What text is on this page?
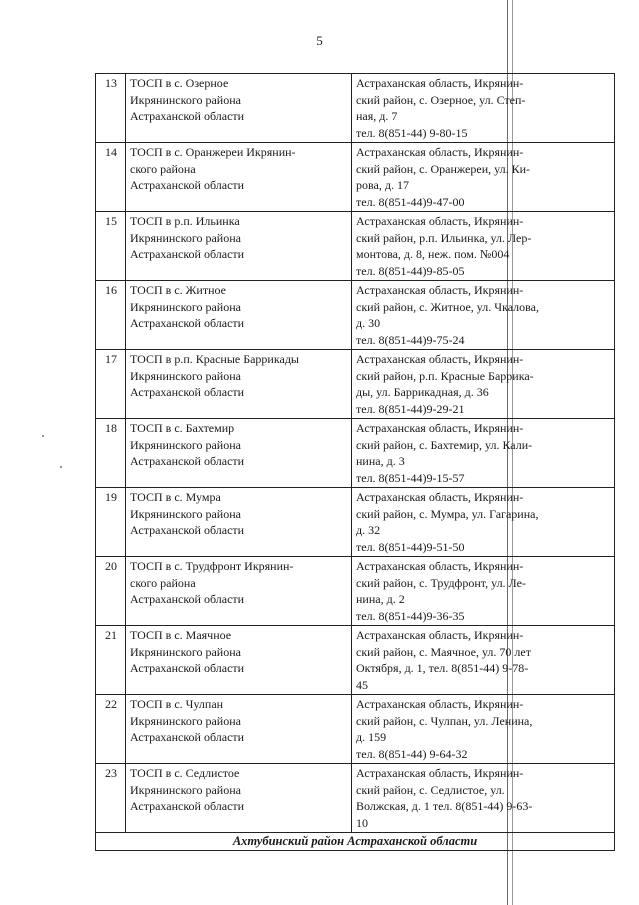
5
13	ТОСП в с. Озерное
Икрянинского района
Астраханской области	Астраханская область, Икрянин-
ский район, с. Озерное, ул. Степ-
ная, д. 7
тел. 8(851-44) 9-80-15

14	ТОСП в с. Оранжереи Икрянин-
ского района
Астраханской области	Астраханская область, Икрянин-
ский район, с. Оранжереи, ул. Ки-
рова, д. 17
тел. 8(851-44)9-47-00

15	ТОСП в р.п. Ильинка
Икрянинского района
Астраханской области	Астраханская область, Икрянин-
ский район, р.п. Ильинка, ул. Лер-
монтова, д. 8, неж. пом. №004
тел. 8(851-44)9-85-05

16	ТОСП в с. Житное
Икрянинского района
Астраханской области	Астраханская область, Икрянин-
ский район, с. Житное, ул. Чкалова,
д. 30
тел. 8(851-44)9-75-24

17	ТОСП в р.п. Красные Баррикады
Икрянинского района
Астраханской области	Астраханская область, Икрянин-
ский район, р.п. Красные Баррика-
ды, ул. Баррикадная, д. 36
тел. 8(851-44)9-29-21

18	ТОСП в с. Бахтемир
Икрянинского района
Астраханской области	Астраханская область, Икрянин-
ский район, с. Бахтемир, ул. Кали-
нина, д. 3
тел. 8(851-44)9-15-57

19	ТОСП в с. Мумра
Икрянинского района
Астраханской области	Астраханская область, Икрянин-
ский район, с. Мумра, ул. Гагарина,
д. 32
тел. 8(851-44)9-51-50

20	ТОСП в с. Трудфронт Икрянин-
ского района
Астраханской области	Астраханская область, Икрянин-
ский район, с. Трудфронт, ул. Ле-
нина, д. 2
тел. 8(851-44)9-36-35

21	ТОСП в с. Маячное
Икрянинского района
Астраханской области	Астраханская область, Икрянин-
ский район, с. Маячное, ул. 70 лет
Октября, д. 1, тел. 8(851-44) 9-78-
45

22	ТОСП в с. Чулпан
Икрянинского района
Астраханской области	Астраханская область, Икрянин-
ский район, с. Чулпан, ул. Ленина,
д. 159
тел. 8(851-44) 9-64-32

23	ТОСП в с. Седлистое
Икрянинского района
Астраханской области	Астраханская область, Икрянин-
ский район, с. Седлистое, ул.
Волжская, д. 1 тел. 8(851-44) 9-63-
10

Ахтубинский район Астраханской области		
